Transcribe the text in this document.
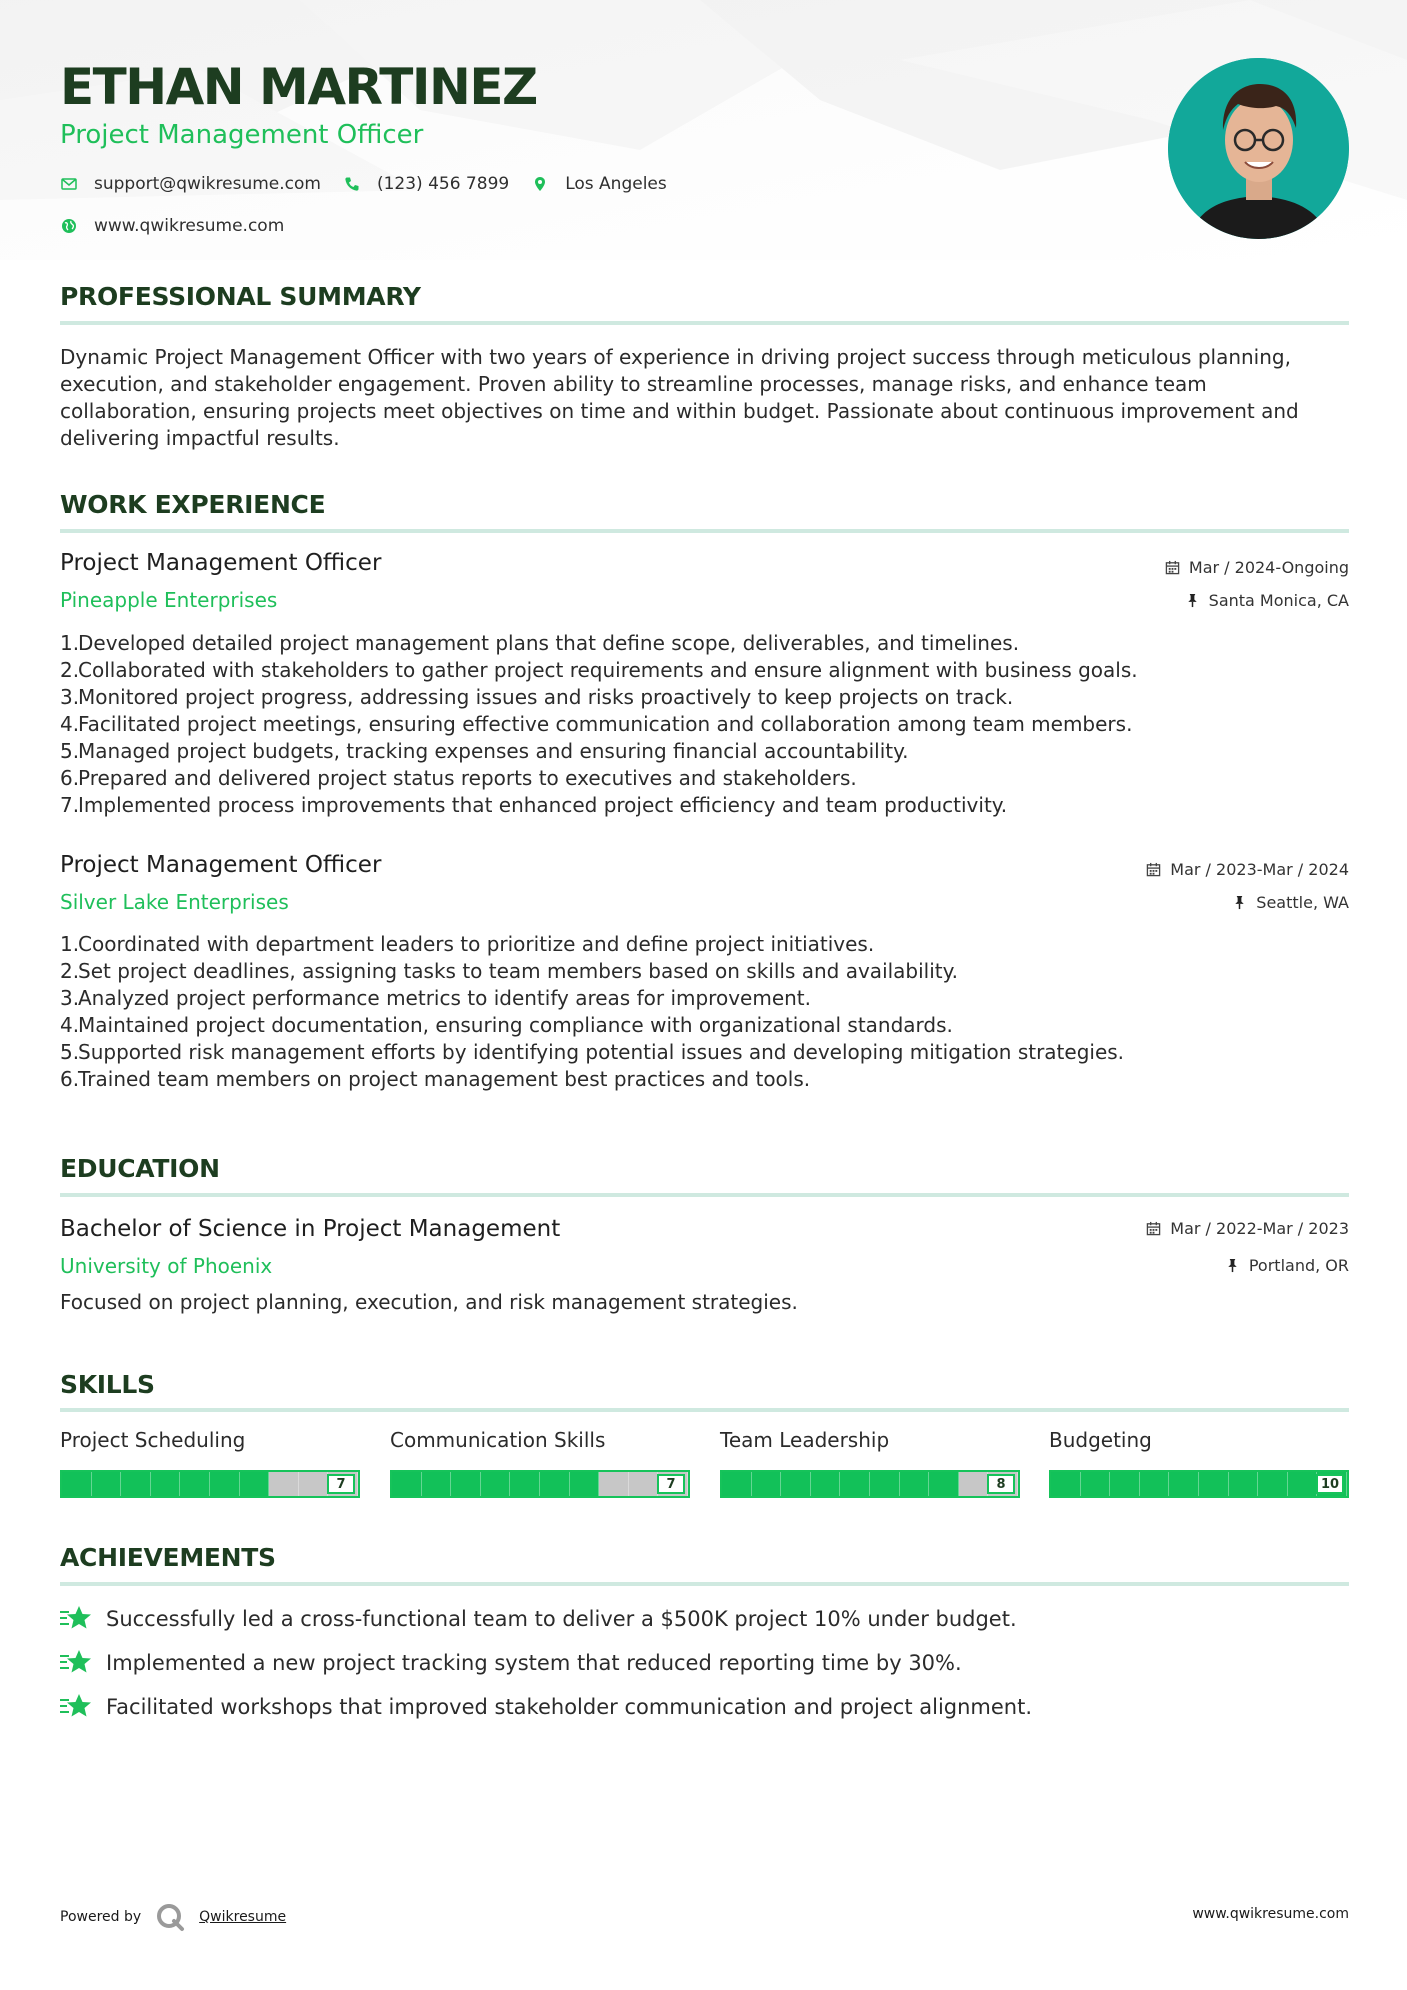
ETHAN MARTINEZ
Project Management Officer
support@qwikresume.com	(123) 456 7899	Los Angeles
www.qwikresume.com
PROFESSIONAL SUMMARY
Dynamic Project Management Officer with two years of experience in driving project success through meticulous planning, execution, and stakeholder engagement. Proven ability to streamline processes, manage risks, and enhance team collaboration, ensuring projects meet objectives on time and within budget. Passionate about continuous improvement and delivering impactful results.
WORK EXPERIENCE
Project Management Officer
Pineapple Enterprises
Mar / 2024-Ongoing
Santa Monica, CA
1.
Developed detailed project management plans that define scope, deliverables, and timelines.
2.
Collaborated with stakeholders to gather project requirements and ensure alignment with business goals.
3.
Monitored project progress, addressing issues and risks proactively to keep projects on track.
4.
Facilitated project meetings, ensuring effective communication and collaboration among team members.
5.
Managed project budgets, tracking expenses and ensuring financial accountability.
6.
Prepared and delivered project status reports to executives and stakeholders.
7.
Implemented process improvements that enhanced project efficiency and team productivity.
Project Management Officer
Silver Lake Enterprises
Mar / 2023-Mar / 2024
Seattle, WA
1.
Coordinated with department leaders to prioritize and define project initiatives.
2.
Set project deadlines, assigning tasks to team members based on skills and availability.
3.
Analyzed project performance metrics to identify areas for improvement.
4.
Maintained project documentation, ensuring compliance with organizational standards.
5.
Supported risk management efforts by identifying potential issues and developing mitigation strategies.
6.
Trained team members on project management best practices and tools.
EDUCATION
Bachelor of Science in Project Management
University of Phoenix
Mar / 2022-Mar / 2023
Portland, OR
Focused on project planning, execution, and risk management strategies.
SKILLS
Project Scheduling
7
Communication Skills
7
Team Leadership
8
Budgeting
10
ACHIEVEMENTS
Successfully led a cross-functional team to deliver a $500K project 10% under budget.
Implemented a new project tracking system that reduced reporting time by 30%.
Facilitated workshops that improved stakeholder communication and project alignment.
Powered by	Qwikresume	www.qwikresume.com
